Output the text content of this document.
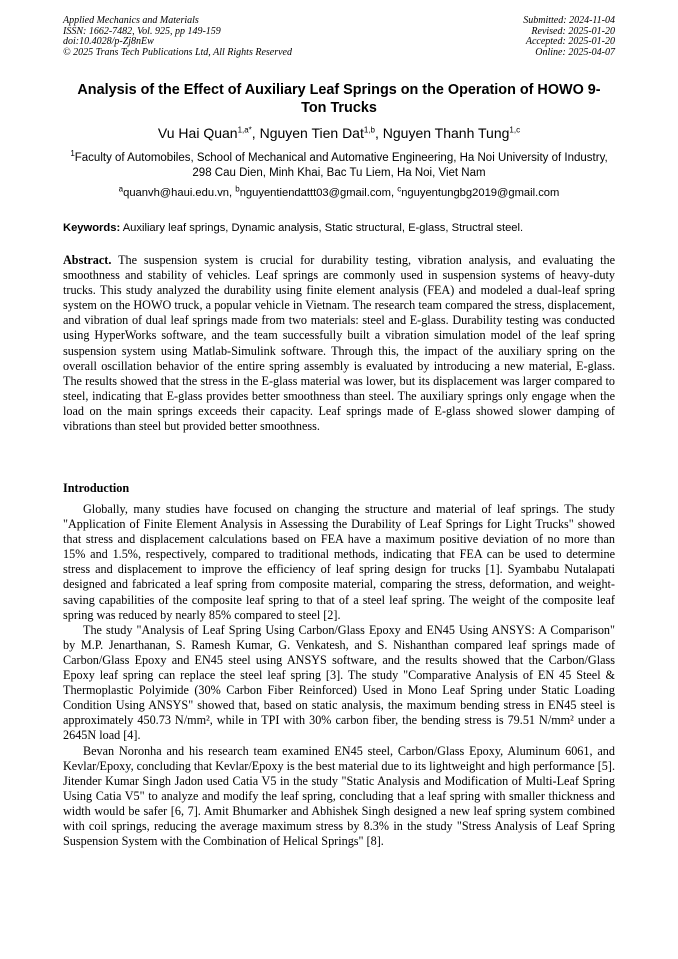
Applied Mechanics and Materials
ISSN: 1662-7482, Vol. 925, pp 149-159
doi:10.4028/p-Zj8nEw
© 2025 Trans Tech Publications Ltd, All Rights Reserved
Submitted: 2024-11-04
Revised: 2025-01-20
Accepted: 2025-01-20
Online: 2025-04-07
Analysis of the Effect of Auxiliary Leaf Springs on the Operation of HOWO 9-Ton Trucks
Vu Hai Quan$^{1,a*}$, Nguyen Tien Dat$^{1,b}$, Nguyen Thanh Tung$^{1,c}$
$^1$Faculty of Automobiles, School of Mechanical and Automative Engineering, Ha Noi University of Industry, 298 Cau Dien, Minh Khai, Bac Tu Liem, Ha Noi, Viet Nam
$^a$quanvh@haui.edu.vn, $^b$nguyentiendattt03@gmail.com, $^c$nguyentungbg2019@gmail.com
Keywords: Auxiliary leaf springs, Dynamic analysis, Static structural, E-glass, Structral steel.
Abstract. The suspension system is crucial for durability testing, vibration analysis, and evaluating the smoothness and stability of vehicles. Leaf springs are commonly used in suspension systems of heavy-duty trucks. This study analyzed the durability using finite element analysis (FEA) and modeled a dual-leaf spring system on the HOWO truck, a popular vehicle in Vietnam. The research team compared the stress, displacement, and vibration of dual leaf springs made from two materials: steel and E-glass. Durability testing was conducted using HyperWorks software, and the team successfully built a vibration simulation model of the leaf spring suspension system using Matlab-Simulink software. Through this, the impact of the auxiliary spring on the overall oscillation behavior of the entire spring assembly is evaluated by introducing a new material, E-glass. The results showed that the stress in the E-glass material was lower, but its displacement was larger compared to steel, indicating that E-glass provides better smoothness than steel. The auxiliary springs only engage when the load on the main springs exceeds their capacity. Leaf springs made of E-glass showed slower damping of vibrations than steel but provided better smoothness.
Introduction

Globally, many studies have focused on changing the structure and material of leaf springs. The study "Application of Finite Element Analysis in Assessing the Durability of Leaf Springs for Light Trucks" showed that stress and displacement calculations based on FEA have a maximum positive deviation of no more than 15% and 1.5%, respectively, compared to traditional methods, indicating that FEA can be used to determine stress and displacement to improve the efficiency of leaf spring design for trucks [1]. Syambabu Nutalapati designed and fabricated a leaf spring from composite material, comparing the stress, deformation, and weight-saving capabilities of the composite leaf spring to that of a steel leaf spring. The weight of the composite leaf spring was reduced by nearly 85% compared to steel [2].

The study "Analysis of Leaf Spring Using Carbon/Glass Epoxy and EN45 Using ANSYS: A Comparison" by M.P. Jenarthanan, S. Ramesh Kumar, G. Venkatesh, and S. Nishanthan compared leaf springs made of Carbon/Glass Epoxy and EN45 steel using ANSYS software, and the results showed that the Carbon/Glass Epoxy leaf spring can replace the steel leaf spring [3]. The study "Comparative Analysis of EN 45 Steel & Thermoplastic Polyimide (30% Carbon Fiber Reinforced) Used in Mono Leaf Spring under Static Loading Condition Using ANSYS" showed that, based on static analysis, the maximum bending stress in EN45 steel is approximately 450.73 N/mm², while in TPI with 30% carbon fiber, the bending stress is 79.51 N/mm² under a 2645N load [4].

Bevan Noronha and his research team examined EN45 steel, Carbon/Glass Epoxy, Aluminum 6061, and Kevlar/Epoxy, concluding that Kevlar/Epoxy is the best material due to its lightweight and high performance [5]. Jitender Kumar Singh Jadon used Catia V5 in the study "Static Analysis and Modification of Multi-Leaf Spring Using Catia V5" to analyze and modify the leaf spring, concluding that a leaf spring with smaller thickness and width would be safer [6, 7]. Amit Bhumarker and Abhishek Singh designed a new leaf spring system combined with coil springs, reducing the average maximum stress by 8.3% in the study "Stress Analysis of Leaf Spring Suspension System with the Combination of Helical Springs" [8].
